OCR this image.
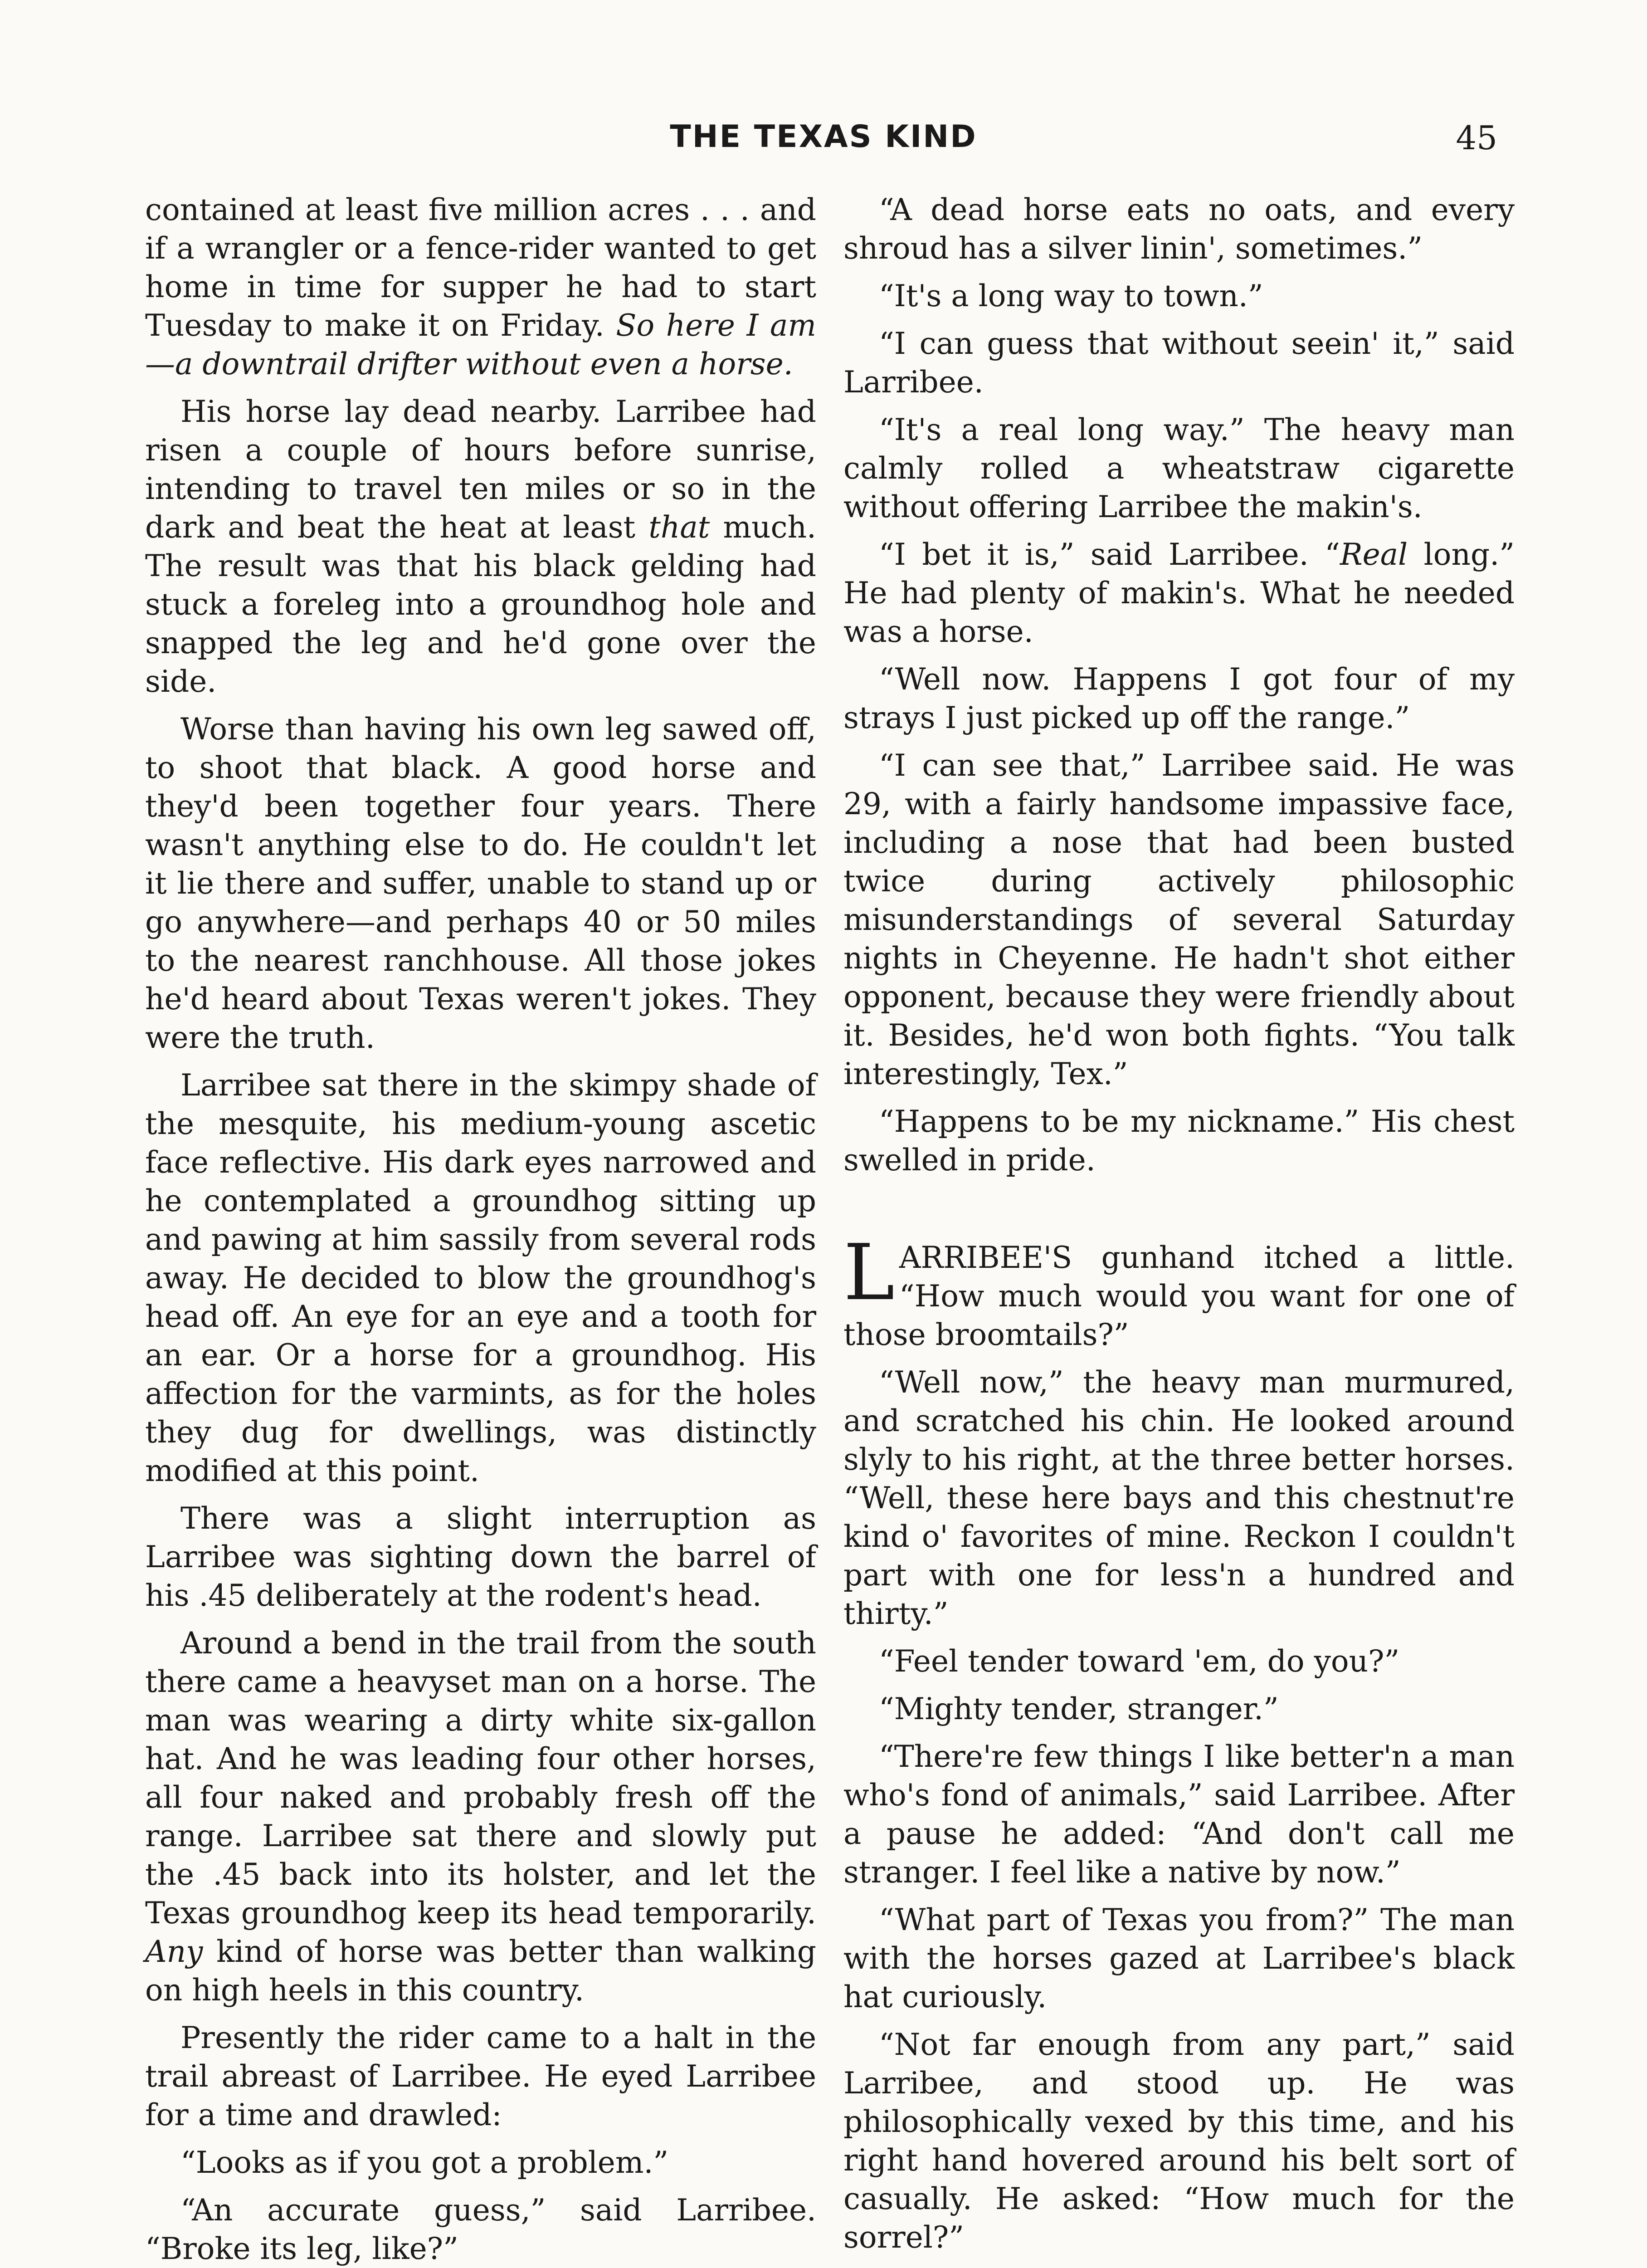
THE TEXAS KIND	45

contained at least five million acres . . . and if a wrangler or a fence-rider wanted to get home in time for supper he had to start Tuesday to make it on Friday. So here I am—a downtrail drifter without even a horse.

His horse lay dead nearby. Larribee had risen a couple of hours before sunrise, intending to travel ten miles or so in the dark and beat the heat at least that much. The result was that his black gelding had stuck a foreleg into a groundhog hole and snapped the leg and he'd gone over the side.

Worse than having his own leg sawed off, to shoot that black. A good horse and they'd been together four years. There wasn't anything else to do. He couldn't let it lie there and suffer, unable to stand up or go anywhere—and perhaps 40 or 50 miles to the nearest ranchhouse. All those jokes he'd heard about Texas weren't jokes. They were the truth.

Larribee sat there in the skimpy shade of the mesquite, his medium-young ascetic face reflective. His dark eyes narrowed and he contemplated a groundhog sitting up and pawing at him sassily from several rods away. He decided to blow the groundhog's head off. An eye for an eye and a tooth for an ear. Or a horse for a groundhog. His affection for the varmints, as for the holes they dug for dwellings, was distinctly modified at this point.

There was a slight interruption as Larribee was sighting down the barrel of his .45 deliberately at the rodent's head.

Around a bend in the trail from the south there came a heavyset man on a horse. The man was wearing a dirty white six-gallon hat. And he was leading four other horses, all four naked and probably fresh off the range. Larribee sat there and slowly put the .45 back into its holster, and let the Texas groundhog keep its head temporarily. Any kind of horse was better than walking on high heels in this country.

Presently the rider came to a halt in the trail abreast of Larribee. He eyed Larribee for a time and drawled:

“Looks as if you got a problem.”

“An accurate guess,” said Larribee. “Broke its leg, like?”

“A dead horse eats no oats, and every shroud has a silver linin', sometimes.”

“It's a long way to town.”

“I can guess that without seein' it,” said Larribee.

“It's a real long way.” The heavy man calmly rolled a wheatstraw cigarette without offering Larribee the makin's.

“I bet it is,” said Larribee. “Real long.” He had plenty of makin's. What he needed was a horse.

“Well now. Happens I got four of my strays I just picked up off the range.”

“I can see that,” Larribee said. He was 29, with a fairly handsome impassive face, including a nose that had been busted twice during actively philosophic misunderstandings of several Saturday nights in Cheyenne. He hadn't shot either opponent, because they were friendly about it. Besides, he'd won both fights. “You talk interestingly, Tex.”

“Happens to be my nickname.” His chest swelled in pride.

LARRIBEE'S gunhand itched a little. “How much would you want for one of those broomtails?”

“Well now,” the heavy man murmured, and scratched his chin. He looked around slyly to his right, at the three better horses. “Well, these here bays and this chestnut're kind o' favorites of mine. Reckon I couldn't part with one for less'n a hundred and thirty.”

“Feel tender toward 'em, do you?”

“Mighty tender, stranger.”

“There're few things I like better'n a man who's fond of animals,” said Larribee. After a pause he added: “And don't call me stranger. I feel like a native by now.”

“What part of Texas you from?” The man with the horses gazed at Larribee's black hat curiously.

“Not far enough from any part,” said Larribee, and stood up. He was philosophically vexed by this time, and his right hand hovered around his belt sort of casually. He asked: “How much for the sorrel?”
